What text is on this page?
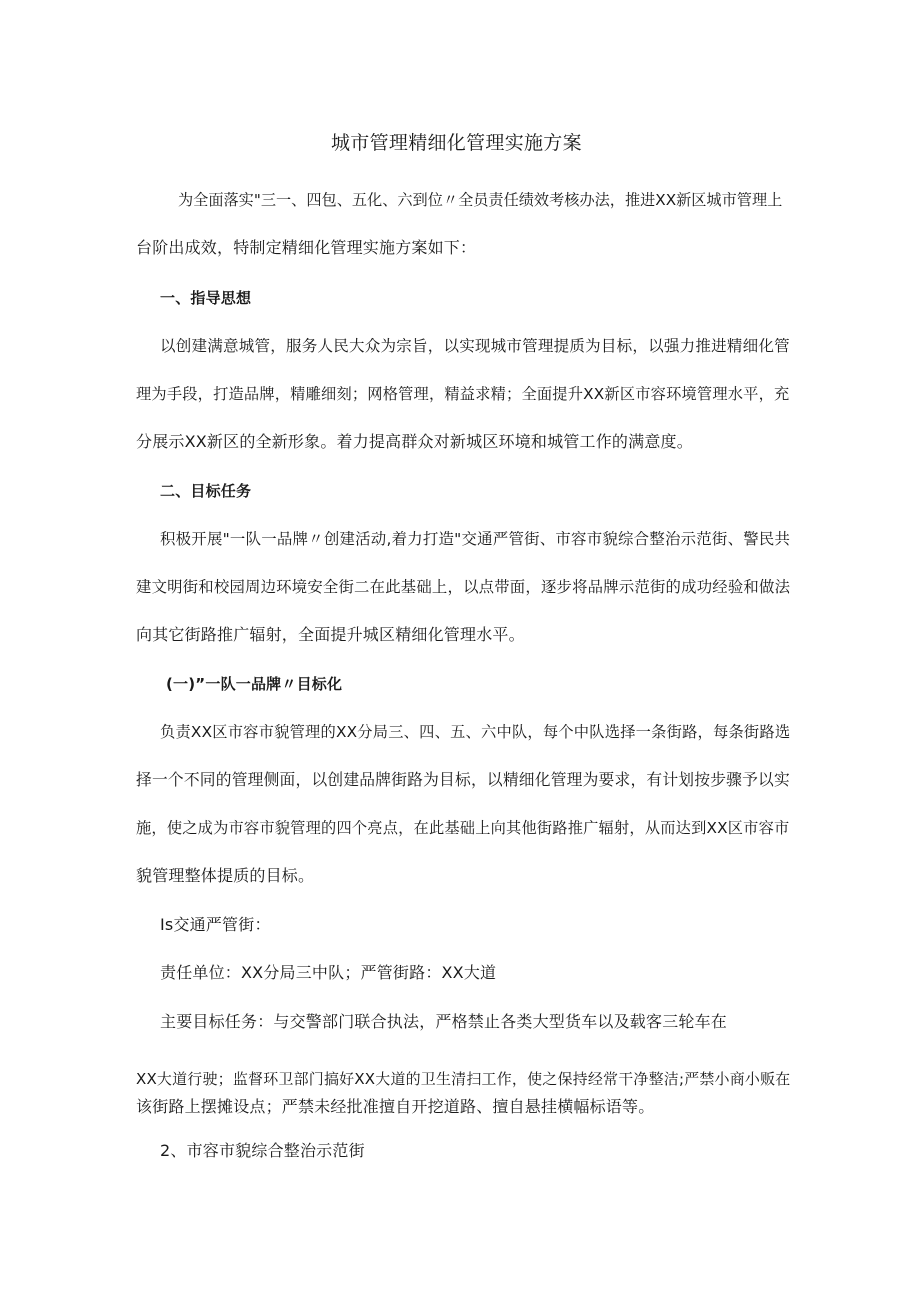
城市管理精细化管理实施方案

为全面落实"三一、四包、五化、六到位〃全员责任绩效考核办法，推进XX新区城市管理上

台阶出成效，特制定精细化管理实施方案如下：

一、指导思想

以创建满意城管，服务人民大众为宗旨，以实现城市管理提质为目标，以强力推进精细化管

理为手段，打造品牌，精雕细刻；网格管理，精益求精；全面提升XX新区市容环境管理水平，充

分展示XX新区的全新形象。着力提高群众对新城区环境和城管工作的满意度。

二、目标任务

积极开展"一队一品牌〃创建活动,着力打造"交通严管街、市容市貌综合整治示范街、警民共

建文明街和校园周边环境安全街二在此基础上，以点带面，逐步将品牌示范街的成功经验和做法

向其它街路推广辐射，全面提升城区精细化管理水平。

(一)”一队一品牌〃目标化

负责XX区市容市貌管理的XX分局三、四、五、六中队，每个中队选择一条街路，每条街路选

择一个不同的管理侧面，以创建品牌街路为目标，以精细化管理为要求，有计划按步骤予以实

施，使之成为市容市貌管理的四个亮点，在此基础上向其他街路推广辐射，从而达到XX区市容市

貌管理整体提质的目标。

Is交通严管街：

责任单位：XX分局三中队；严管街路：XX大道

主要目标任务：与交警部门联合执法，严格禁止各类大型货车以及载客三轮车在

XX大道行驶；监督环卫部门搞好XX大道的卫生清扫工作，使之保持经常干净整洁;严禁小商小贩在

该街路上摆摊设点；严禁未经批准擅自开挖道路、擅自悬挂横幅标语等。

2、市容市貌综合整治示范街
